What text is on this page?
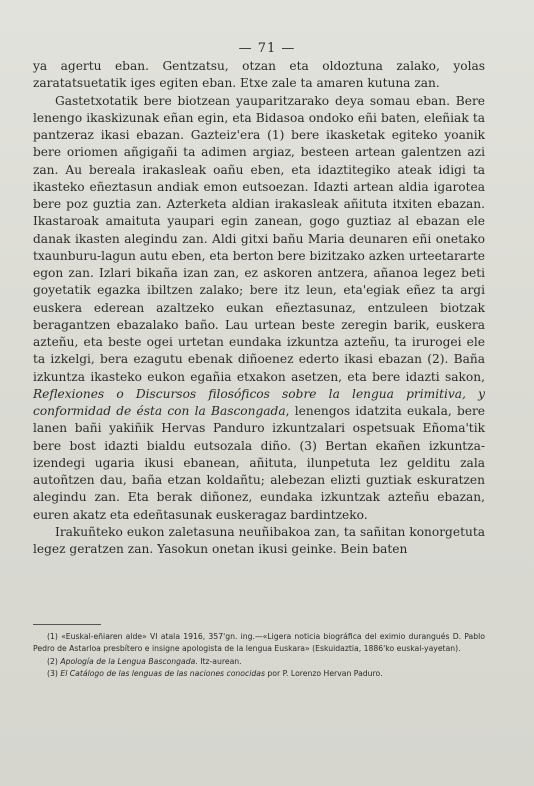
— 71 —

ya agertu eban. Gentzatsu, otzan eta oldoztuna zalako, yolas zaratatsuetatik iges egiten eban. Etxe zale ta amaren kutuna zan.

Gastetxotatik bere biotzean yauparitzarako deya somau eban. Bere lenengo ikaskizunak eñan egin, eta Bidasoa ondoko eñi baten, eleñiak ta pantzeraz ikasi ebazan. Gazteiz'era (1) bere ikasketak egiteko yoanik bere oriomen añgigañi ta adimen argiaz, besteen artean galentzen azi zan. Au bereala irakasleak oañu eben, eta idaztitegiko ateak idigi ta ikasteko eñeztasun andiak emon eutsoezan. Idazti artean aldia igarotea bere poz guztia zan. Azterketa aldian irakasleak añituta itxiten ebazan. Ikastaroak amaituta yaupari egin zanean, gogo guztiaz al ebazan ele danak ikasten alegindu zan. Aldi gitxi bañu Maria deunaren eñi onetako txaunburu-lagun autu eben, eta berton bere bizitzako azken urteetararte egon zan. Izlari bikaña izan zan, ez askoren antzera, añanoa legez beti goyetatik egazka ibiltzen zalako; bere itz leun, eta'egiak eñez ta argi euskera ederean azaltzeko eukan eñeztasunaz, entzuleen biotzak beragantzen ebazalako baño. Lau urtean beste zeregin barik, euskera azteñu, eta beste ogei urtetan eundaka izkuntza azteñu, ta irurogei ele ta izkelgi, bera ezagutu ebenak diñoenez ederto ikasi ebazan (2). Baña izkuntza ikasteko eukon egañia etxakon asetzen, eta bere idazti sakon, Reflexiones o Discursos filosóficos sobre la lengua primitiva, y conformidad de ésta con la Bascongada, lenengos idatzita eukala, bere lanen bañi yakiñik Hervas Panduro izkuntzalari ospetsuak Eñoma'tik bere bost idazti bialdu eutsozala diño. (3) Bertan ekañen izkuntza-izendegi ugaria ikusi ebanean, añituta, ilunpetuta lez gelditu zala autoñtzen dau, baña etzan koldañtu; alebezan elizti guztiak eskuratzen alegindu zan. Eta berak diñonez, eundaka izkuntzak azteñu ebazan, euren akatz eta edeñtasunak euskeragaz bardintzeko.

Irakuñteko eukon zaletasuna neuñibakoa zan, ta sañitan konorgetuta legez geratzen zan. Yasokun onetan ikusi geinke. Bein baten

(1) «Euskal-eñiaren alde» VI atala 1916, 357'gn. ing.—«Ligera noticia biográfica del eximio durangués D. Pablo Pedro de Astarloa presbítero e insigne apologista de la lengua Euskara» (Eskuidaztia, 1886'ko euskal-yayetan).

(2) Apología de la Lengua Bascongada. Itz-aurean.

(3) El Catálogo de las lenguas de las naciones conocidas por P. Lorenzo Hervan Paduro.
